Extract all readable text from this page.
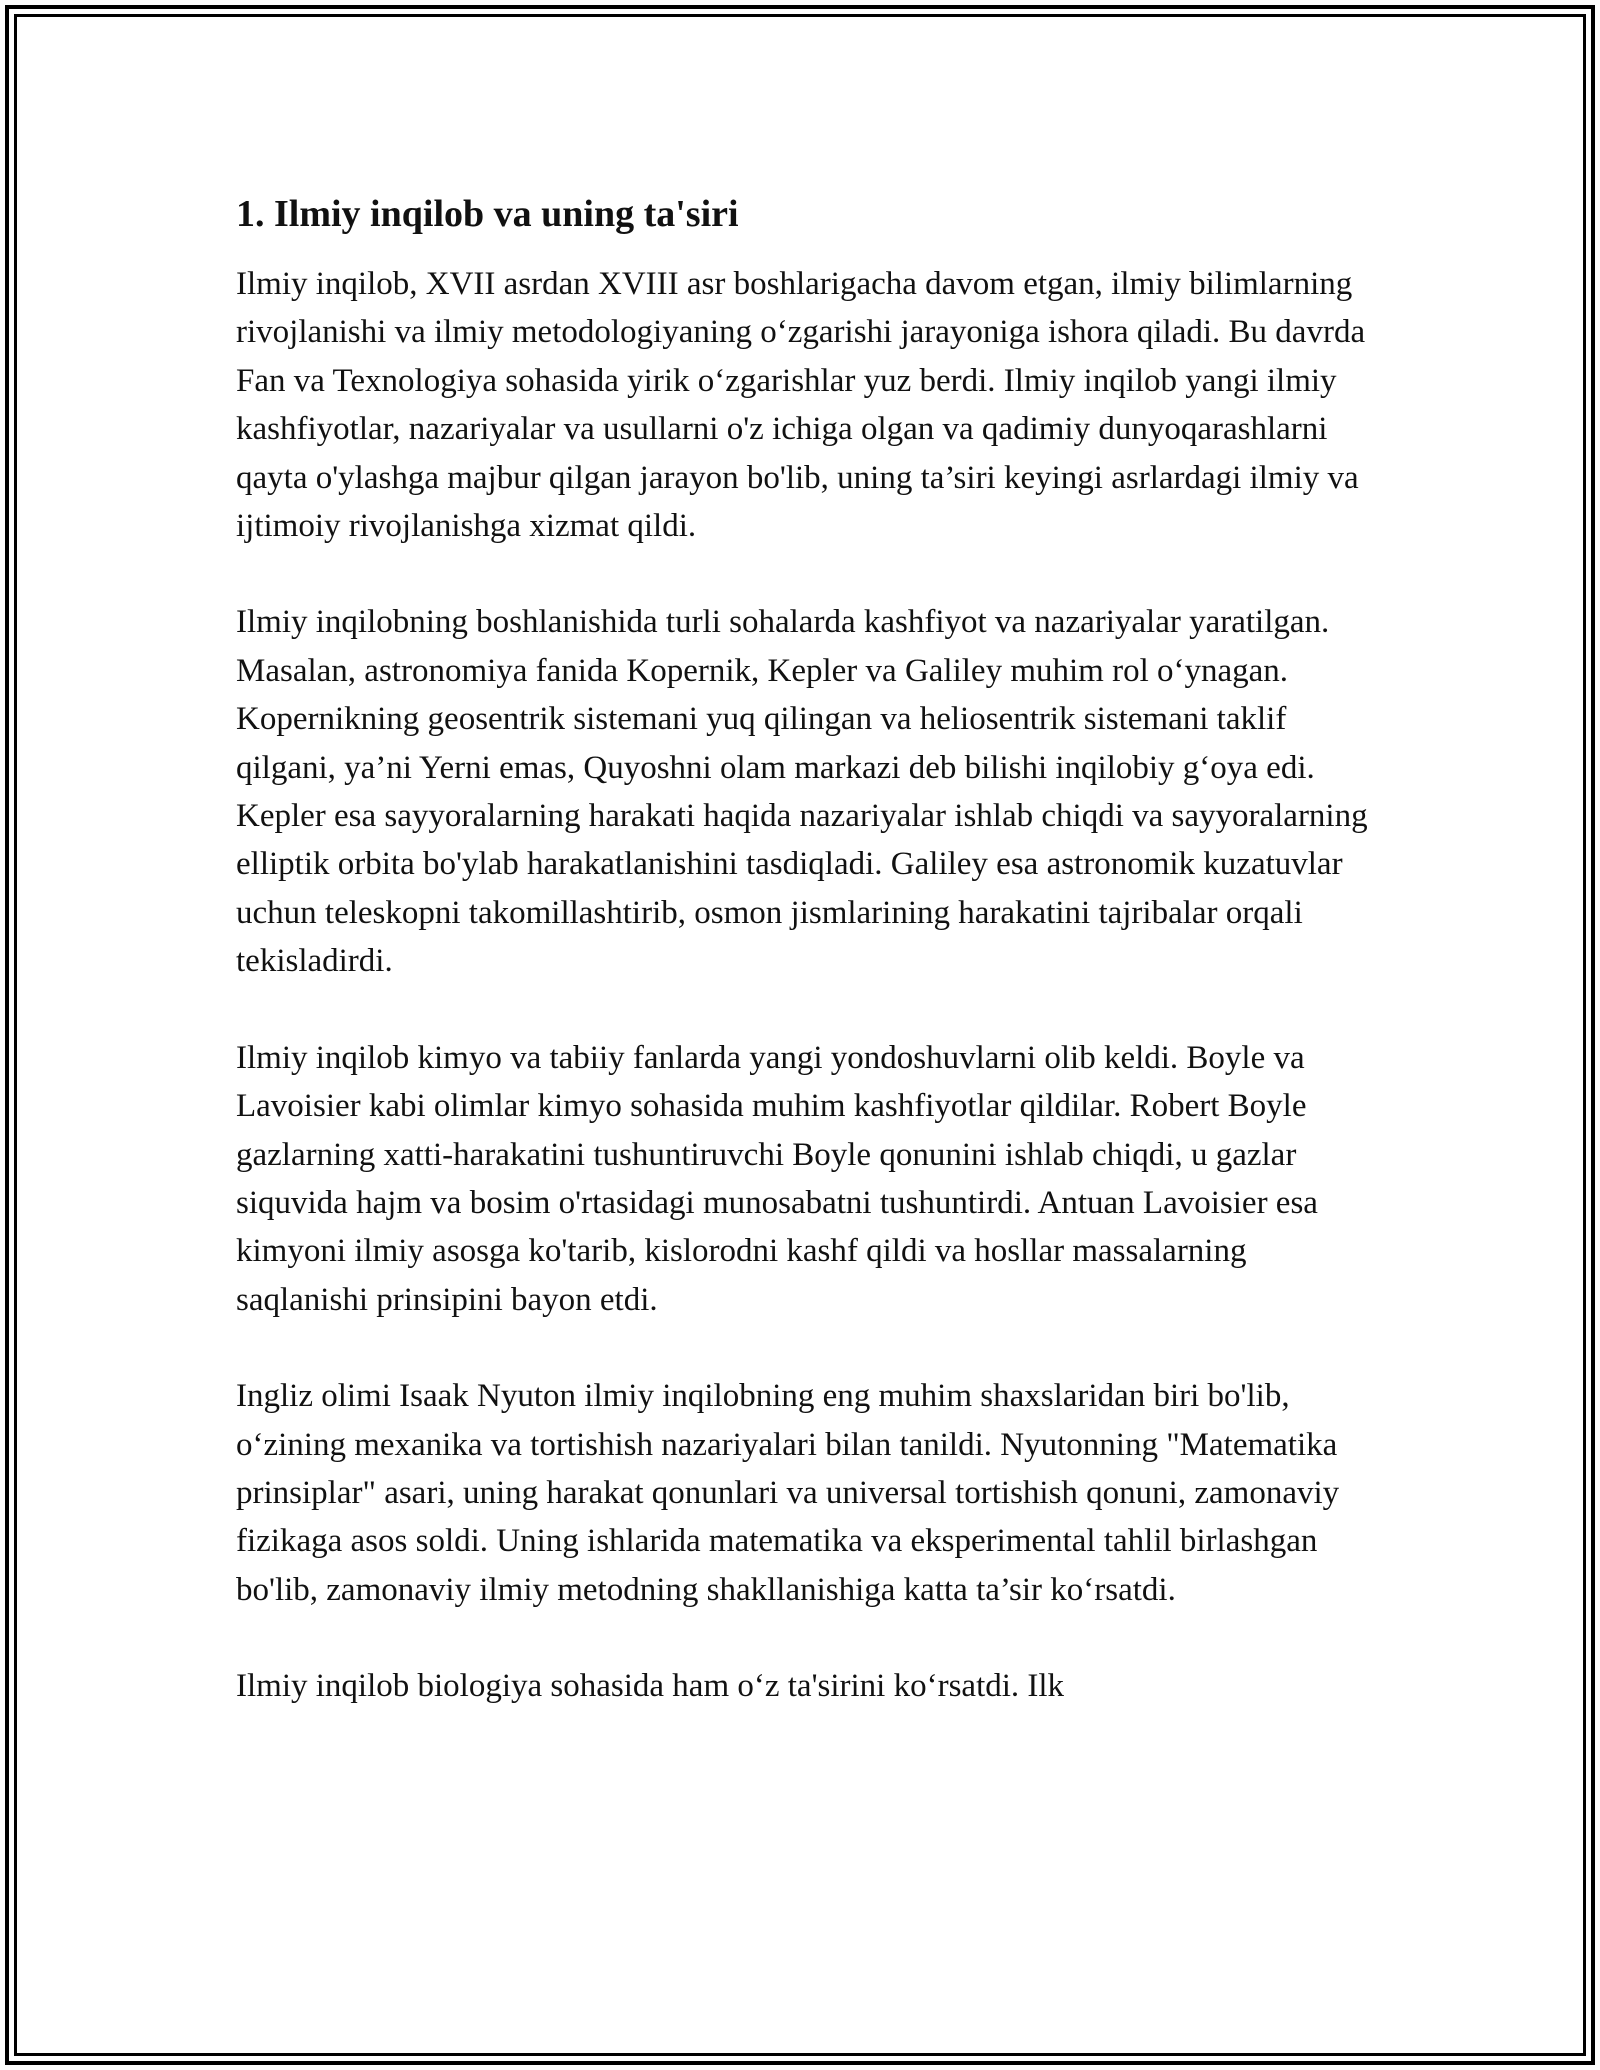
1. Ilmiy inqilob va uning ta'siri

Ilmiy inqilob, XVII asrdan XVIII asr boshlarigacha davom etgan, ilmiy bilimlarning rivojlanishi va ilmiy metodologiyaning o‘zgarishi jarayoniga ishora qiladi. Bu davrda Fan va Texnologiya sohasida yirik o‘zgarishlar yuz berdi. Ilmiy inqilob yangi ilmiy kashfiyotlar, nazariyalar va usullarni o'z ichiga olgan va qadimiy dunyoqarashlarni qayta o'ylashga majbur qilgan jarayon bo'lib, uning ta’siri keyingi asrlardagi ilmiy va ijtimoiy rivojlanishga xizmat qildi.

Ilmiy inqilobning boshlanishida turli sohalarda kashfiyot va nazariyalar yaratilgan. Masalan, astronomiya fanida Kopernik, Kepler va Galiley muhim rol o‘ynagan. Kopernikning geosentrik sistemani yuq qilingan va heliosentrik sistemani taklif qilgani, ya’ni Yerni emas, Quyoshni olam markazi deb bilishi inqilobiy g‘oya edi. Kepler esa sayyoralarning harakati haqida nazariyalar ishlab chiqdi va sayyoralarning elliptik orbita bo'ylab harakatlanishini tasdiqladi. Galiley esa astronomik kuzatuvlar uchun teleskopni takomillashtirib, osmon jismlarining harakatini tajribalar orqali tekisladirdi.

Ilmiy inqilob kimyo va tabiiy fanlarda yangi yondoshuvlarni olib keldi. Boyle va Lavoisier kabi olimlar kimyo sohasida muhim kashfiyotlar qildilar. Robert Boyle gazlarning xatti-harakatini tushuntiruvchi Boyle qonunini ishlab chiqdi, u gazlar siquvida hajm va bosim o'rtasidagi munosabatni tushuntirdi. Antuan Lavoisier esa kimyoni ilmiy asosga ko'tarib, kislorodni kashf qildi va hosllar massalarning saqlanishi prinsipini bayon etdi.

Ingliz olimi Isaak Nyuton ilmiy inqilobning eng muhim shaxslaridan biri bo'lib, o‘zining mexanika va tortishish nazariyalari bilan tanildi. Nyutonning "Matematika prinsiplar" asari, uning harakat qonunlari va universal tortishish qonuni, zamonaviy fizikaga asos soldi. Uning ishlarida matematika va eksperimental tahlil birlashgan bo'lib, zamonaviy ilmiy metodning shakllanishiga katta ta’sir ko‘rsatdi.

Ilmiy inqilob biologiya sohasida ham o‘z ta'sirini ko‘rsatdi. Ilk
